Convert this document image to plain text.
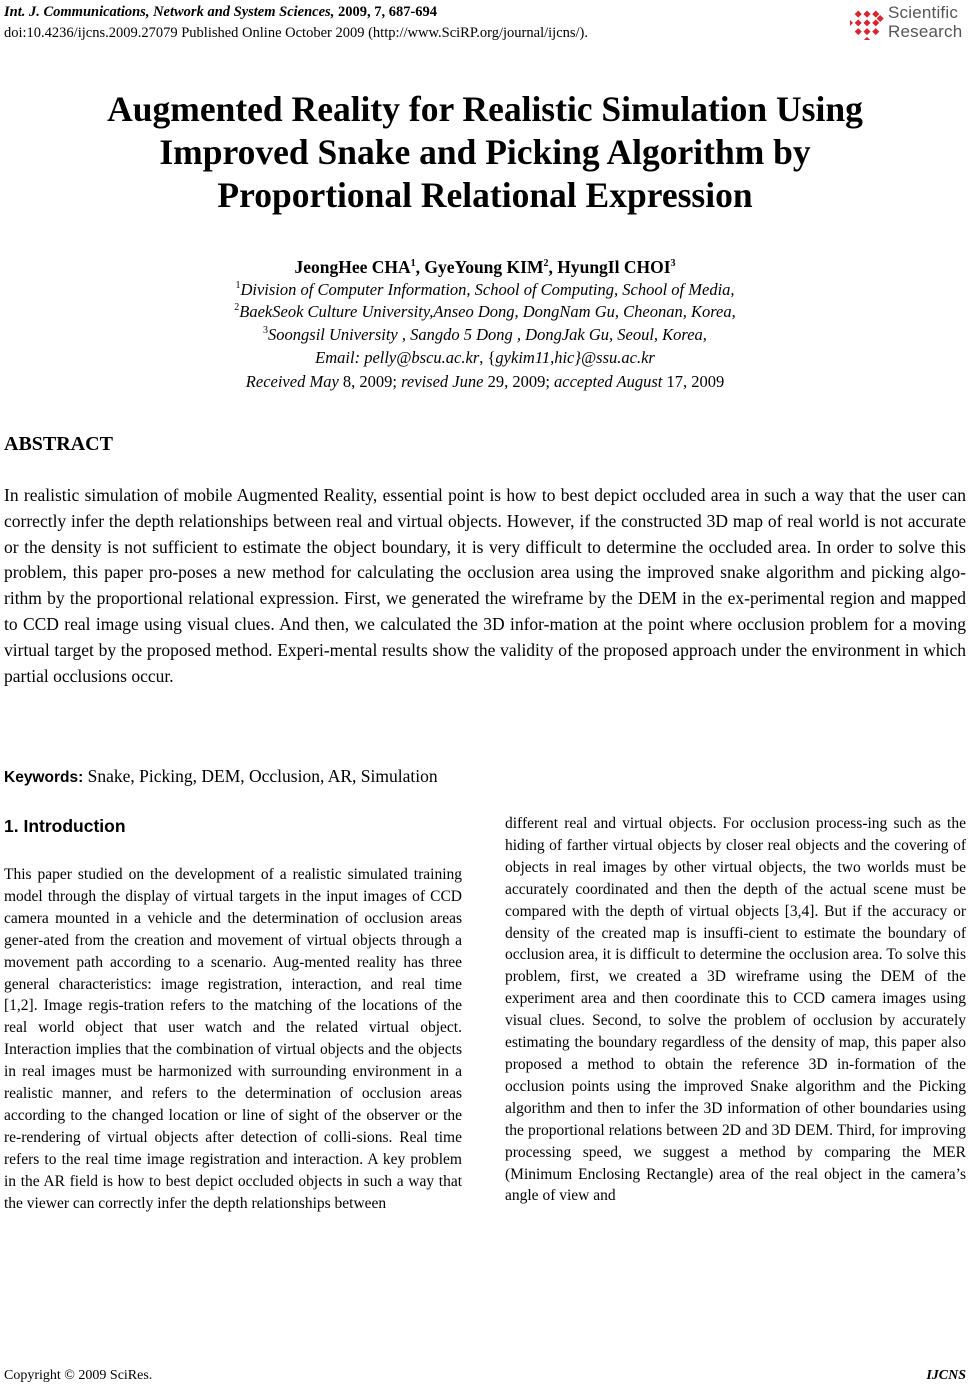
Int. J. Communications, Network and System Sciences, 2009, 7, 687-694
doi:10.4236/ijcns.2009.27079 Published Online October 2009 (http://www.SciRP.org/journal/ijcns/).
Scientific
Research
Augmented Reality for Realistic Simulation Using
Improved Snake and Picking Algorithm by
Proportional Relational Expression
JeongHee CHA$^1$, GyeYoung KIM$^2$, HyungIl CHOI$^3$
$^1$Division of Computer Information, School of Computing, School of Media,
$^2$BaekSeok Culture University,Anseo Dong, DongNam Gu, Cheonan, Korea,
$^3$Soongsil University , Sangdo 5 Dong , DongJak Gu, Seoul, Korea,
Email: pelly@bscu.ac.kr, {gykim11,hic}@ssu.ac.kr
Received May 8, 2009; revised June 29, 2009; accepted August 17, 2009
ABSTRACT

In realistic simulation of mobile Augmented Reality, essential point is how to best depict occluded area in such a way that the user can correctly infer the depth relationships between real and virtual objects. However, if the constructed 3D map of real world is not accurate or the density is not sufficient to estimate the object boundary, it is very difficult to determine the occluded area. In order to solve this problem, this paper pro-poses a new method for calculating the occlusion area using the improved snake algorithm and picking algo-rithm by the proportional relational expression. First, we generated the wireframe by the DEM in the ex-perimental region and mapped to CCD real image using visual clues. And then, we calculated the 3D infor-mation at the point where occlusion problem for a moving virtual target by the proposed method. Experi-mental results show the validity of the proposed approach under the environment in which partial occlusions occur.

Keywords: Snake, Picking, DEM, Occlusion, AR, Simulation
1. Introduction

This paper studied on the development of a realistic simulated training model through the display of virtual targets in the input images of CCD camera mounted in a vehicle and the determination of occlusion areas gener-ated from the creation and movement of virtual objects through a movement path according to a scenario. Aug-mented reality has three general characteristics: image registration, interaction, and real time [1,2]. Image regis-tration refers to the matching of the locations of the real world object that user watch and the related virtual object. Interaction implies that the combination of virtual objects and the objects in real images must be harmonized with surrounding environment in a realistic manner, and refers to the determination of occlusion areas according to the changed location or line of sight of the observer or the re-rendering of virtual objects after detection of colli-sions. Real time refers to the real time image registration and interaction. A key problem in the AR field is how to best depict occluded objects in such a way that the viewer can correctly infer the depth relationships between

different real and virtual objects. For occlusion process-ing such as the hiding of farther virtual objects by closer real objects and the covering of objects in real images by other virtual objects, the two worlds must be accurately coordinated and then the depth of the actual scene must be compared with the depth of virtual objects [3,4]. But if the accuracy or density of the created map is insuffi-cient to estimate the boundary of occlusion area, it is difficult to determine the occlusion area. To solve this problem, first, we created a 3D wireframe using the DEM of the experiment area and then coordinate this to CCD camera images using visual clues. Second, to solve the problem of occlusion by accurately estimating the boundary regardless of the density of map, this paper also proposed a method to obtain the reference 3D in-formation of the occlusion points using the improved Snake algorithm and the Picking algorithm and then to infer the 3D information of other boundaries using the proportional relations between 2D and 3D DEM. Third, for improving processing speed, we suggest a method by comparing the MER (Minimum Enclosing Rectangle) area of the real object in the camera’s angle of view and

Copyright © 2009 SciRes.	IJCNS
